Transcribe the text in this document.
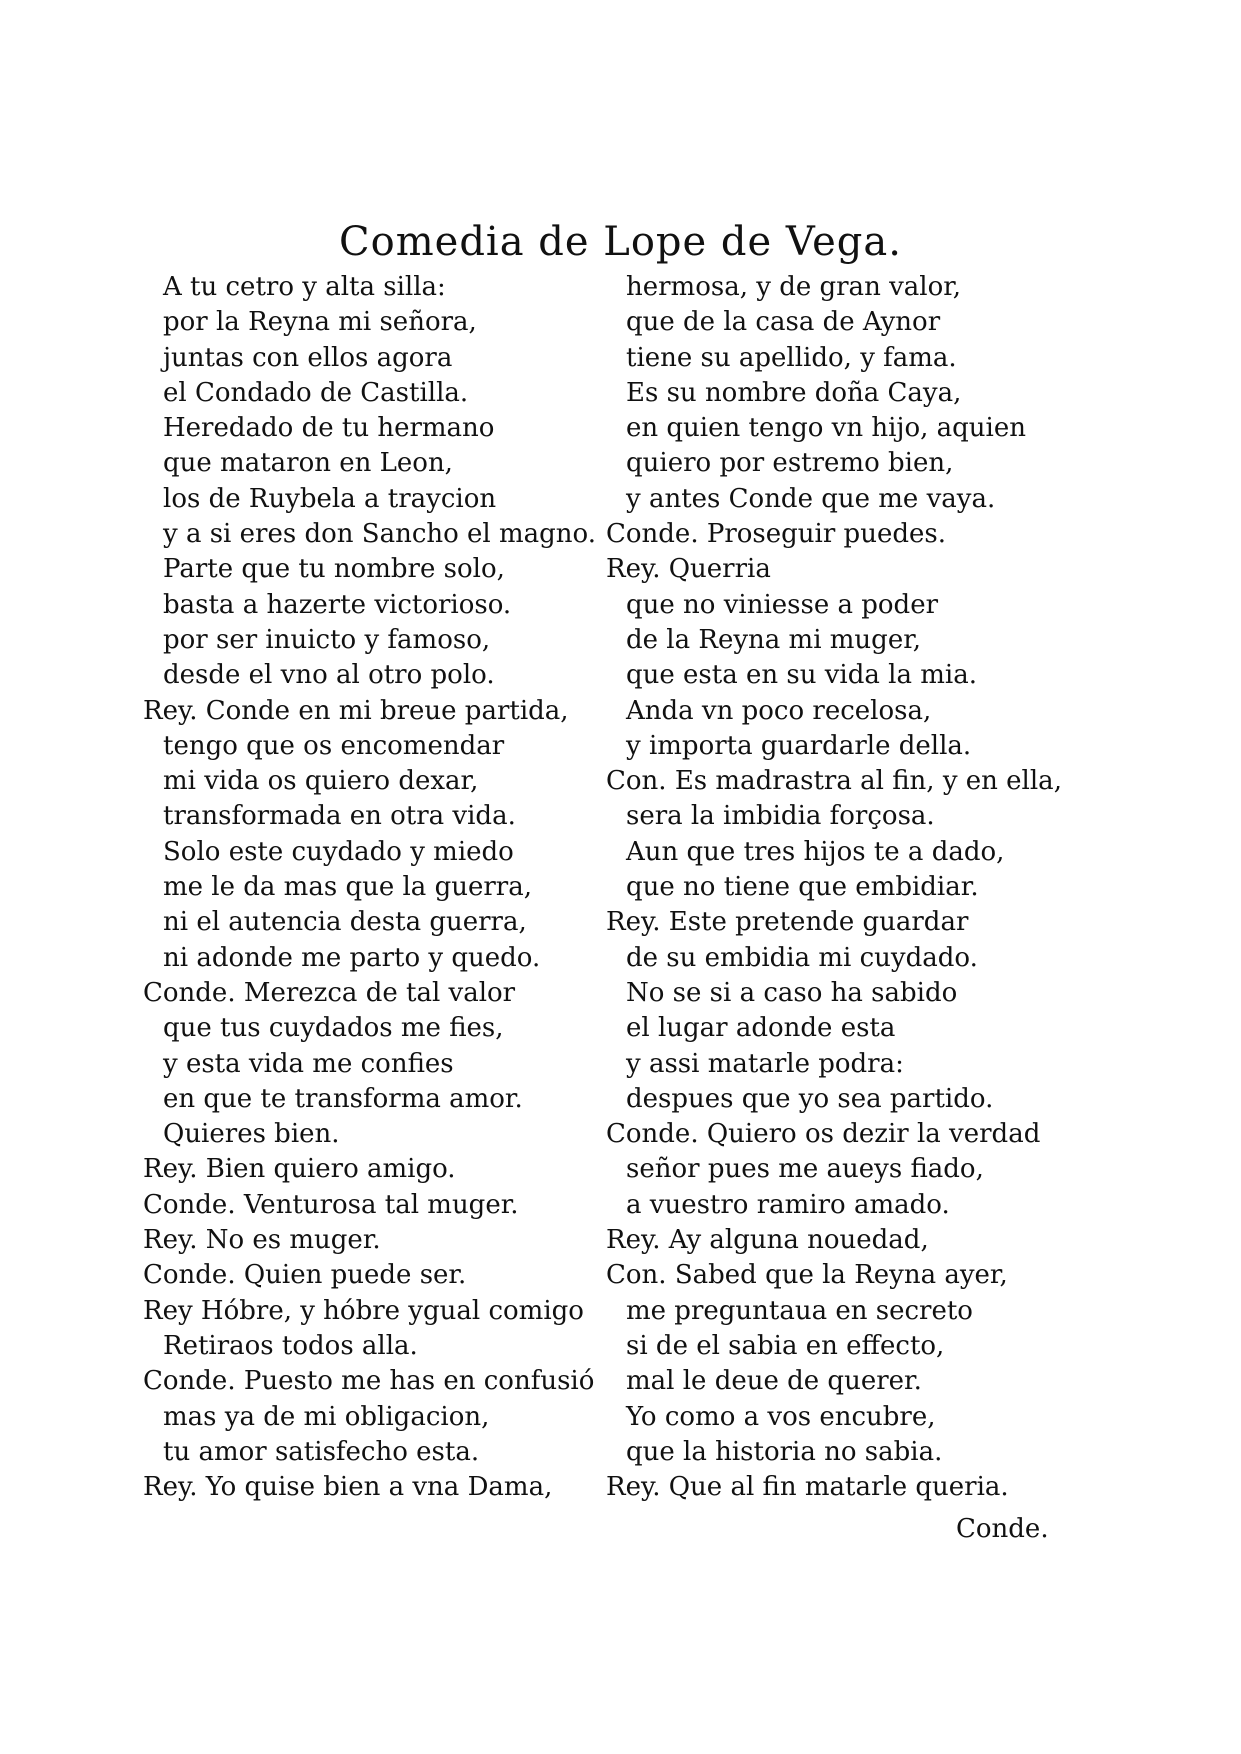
Comedia de Lope de Vega.
A tu cetro y alta silla:
por la Reyna mi señora,
juntas con ellos agora
el Condado de Castilla.
Heredado de tu hermano
que mataron en Leon,
los de Ruybela a traycion
y a si eres don Sancho el magno.
Parte que tu nombre solo,
basta a hazerte victorioso.
por ser inuicto y famoso,
desde el vno al otro polo.
Rey. Conde en mi breue partida,
tengo que os encomendar
mi vida os quiero dexar,
transformada en otra vida.
Solo este cuydado y miedo
me le da mas que la guerra,
ni el autencia desta guerra,
ni adonde me parto y quedo.
Conde. Merezca de tal valor
que tus cuydados me fies,
y esta vida me confies
en que te transforma amor.
Quieres bien.
Rey. Bien quiero amigo.
Conde. Venturosa tal muger.
Rey. No es muger.
Conde. Quien puede ser.
Rey Hóbre, y hóbre ygual comigo
Retiraos todos alla.
Conde. Puesto me has en confusió
mas ya de mi obligacion,
tu amor satisfecho esta.
Rey. Yo quise bien a vna Dama,
hermosa, y de gran valor,
que de la casa de Aynor
tiene su apellido, y fama.
Es su nombre doña Caya,
en quien tengo vn hijo, aquien
quiero por estremo bien,
y antes Conde que me vaya.
Conde. Proseguir puedes.
Rey. Querria
que no viniesse a poder
de la Reyna mi muger,
que esta en su vida la mia.
Anda vn poco recelosa,
y importa guardarle della.
Con. Es madrastra al fin, y en ella,
sera la imbidia forçosa.
Aun que tres hijos te a dado,
que no tiene que embidiar.
Rey. Este pretende guardar
de su embidia mi cuydado.
No se si a caso ha sabido
el lugar adonde esta
y assi matarle podra:
despues que yo sea partido.
Conde. Quiero os dezir la verdad
señor pues me aueys fiado,
a vuestro ramiro amado.
Rey. Ay alguna nouedad,
Con. Sabed que la Reyna ayer,
me preguntaua en secreto
si de el sabia en effecto,
mal le deue de querer.
Yo como a vos encubre,
que la historia no sabia.
Rey. Que al fin matarle queria.
Conde.
